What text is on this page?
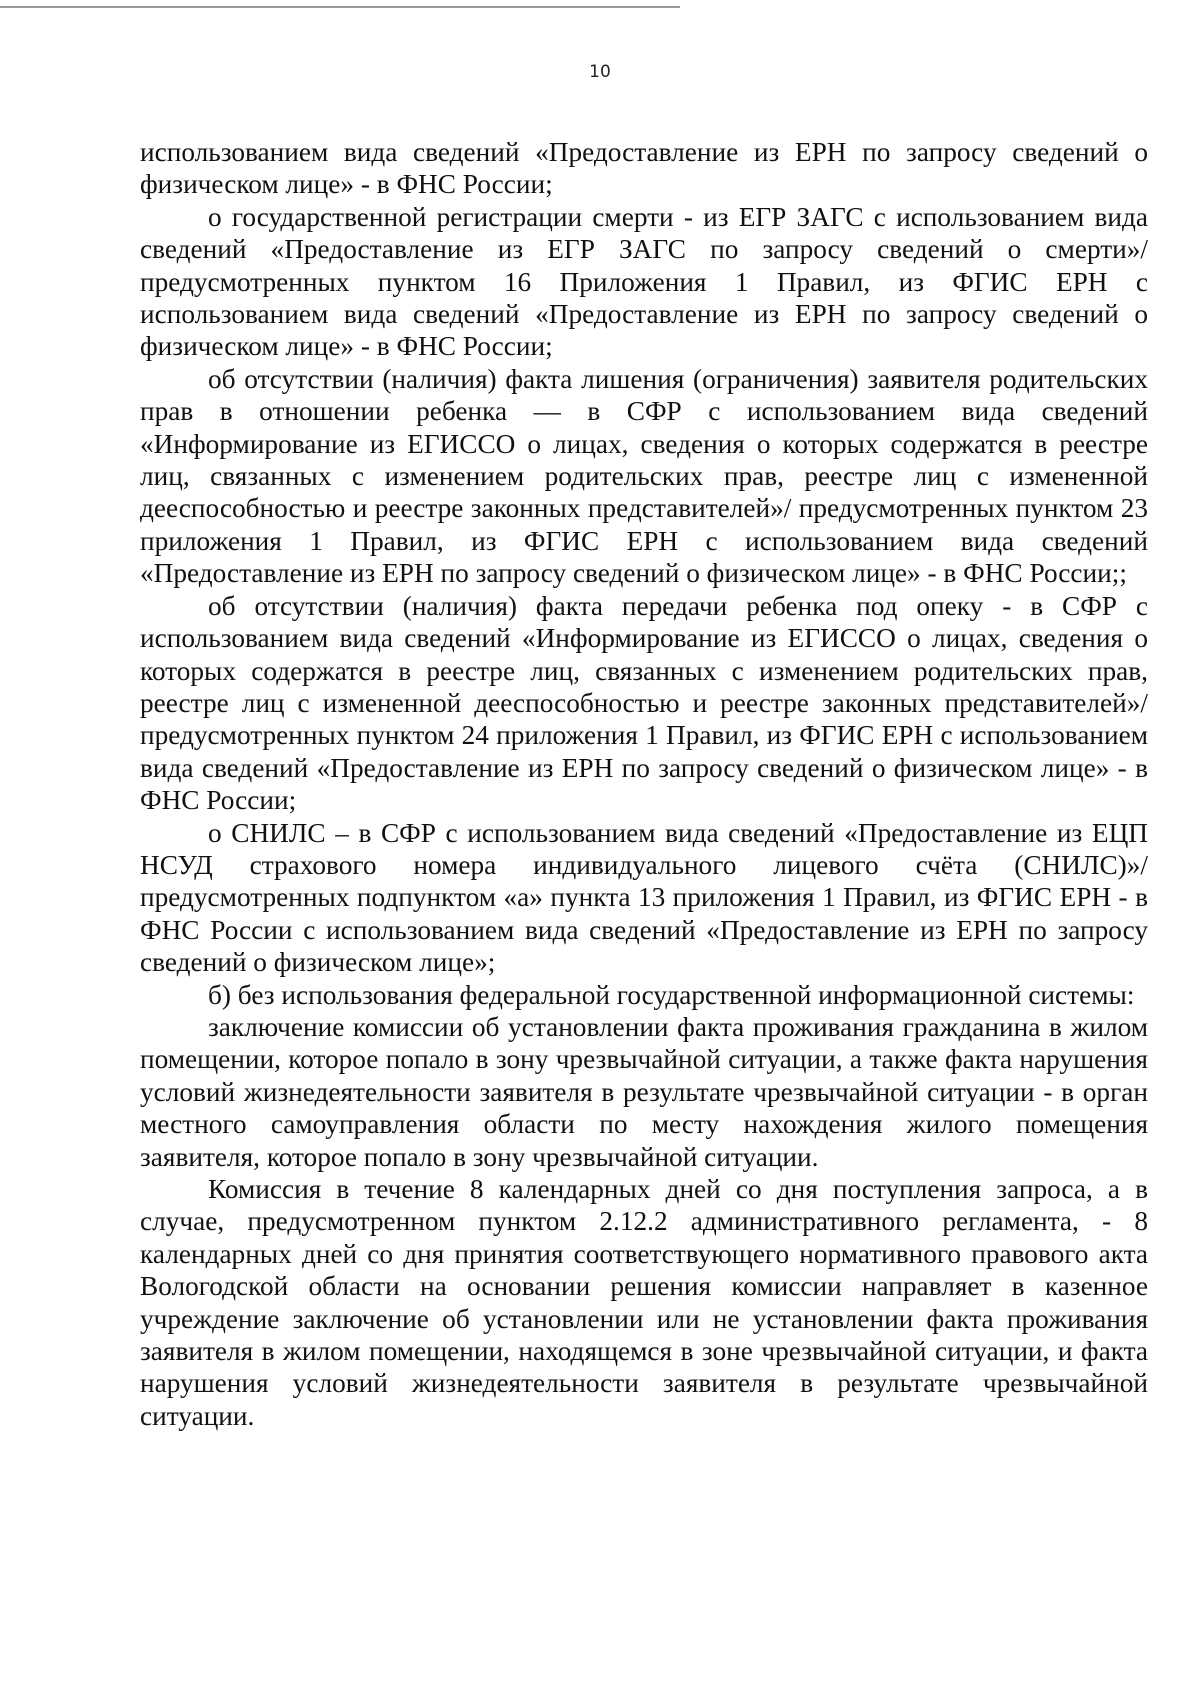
10

использованием вида сведений «Предоставление из ЕРН по запросу сведений о физическом лице» - в ФНС России;

о государственной регистрации смерти - из ЕГР ЗАГС с использованием вида сведений «Предоставление из ЕГР ЗАГС по запросу сведений о смерти»/ предусмотренных пунктом 16 Приложения 1 Правил, из ФГИС ЕРН с использованием вида сведений «Предоставление из ЕРН по запросу сведений о физическом лице» - в ФНС России;

об отсутствии (наличия) факта лишения (ограничения) заявителя родительских прав в отношении ребенка –– в СФР с использованием вида сведений «Информирование из ЕГИССО о лицах, сведения о которых содержатся в реестре лиц, связанных с изменением родительских прав, реестре лиц с измененной дееспособностью и реестре законных представителей»/ предусмотренных пунктом 23 приложения 1 Правил, из ФГИС ЕРН с использованием вида сведений «Предоставление из ЕРН по запросу сведений о физическом лице» - в ФНС России;;

об отсутствии (наличия) факта передачи ребенка под опеку - в СФР с использованием вида сведений «Информирование из ЕГИССО о лицах, сведения о которых содержатся в реестре лиц, связанных с изменением родительских прав, реестре лиц с измененной дееспособностью и реестре законных представителей»/предусмотренных пунктом 24 приложения 1 Правил, из ФГИС ЕРН с использованием вида сведений «Предоставление из ЕРН по запросу сведений о физическом лице» - в ФНС России;

о СНИЛС – в СФР с использованием вида сведений «Предоставление из ЕЦП НСУД страхового номера индивидуального лицевого счёта (СНИЛС)»/ предусмотренных подпунктом «а» пункта 13 приложения 1 Правил, из ФГИС ЕРН - в ФНС России с использованием вида сведений «Предоставление из ЕРН по запросу сведений о физическом лице»;

б) без использования федеральной государственной информационной системы:

заключение комиссии об установлении факта проживания гражданина в жилом помещении, которое попало в зону чрезвычайной ситуации, а также факта нарушения условий жизнедеятельности заявителя в результате чрезвычайной ситуации - в орган местного самоуправления области по месту нахождения жилого помещения заявителя, которое попало в зону чрезвычайной ситуации.

Комиссия в течение 8 календарных дней со дня поступления запроса, а в случае, предусмотренном пунктом 2.12.2 административного регламента, - 8 календарных дней со дня принятия соответствующего нормативного правового акта Вологодской области на основании решения комиссии направляет в казенное учреждение заключение об установлении или не установлении факта проживания заявителя в жилом помещении, находящемся в зоне чрезвычайной ситуации, и факта нарушения условий жизнедеятельности заявителя в результате чрезвычайной ситуации.
